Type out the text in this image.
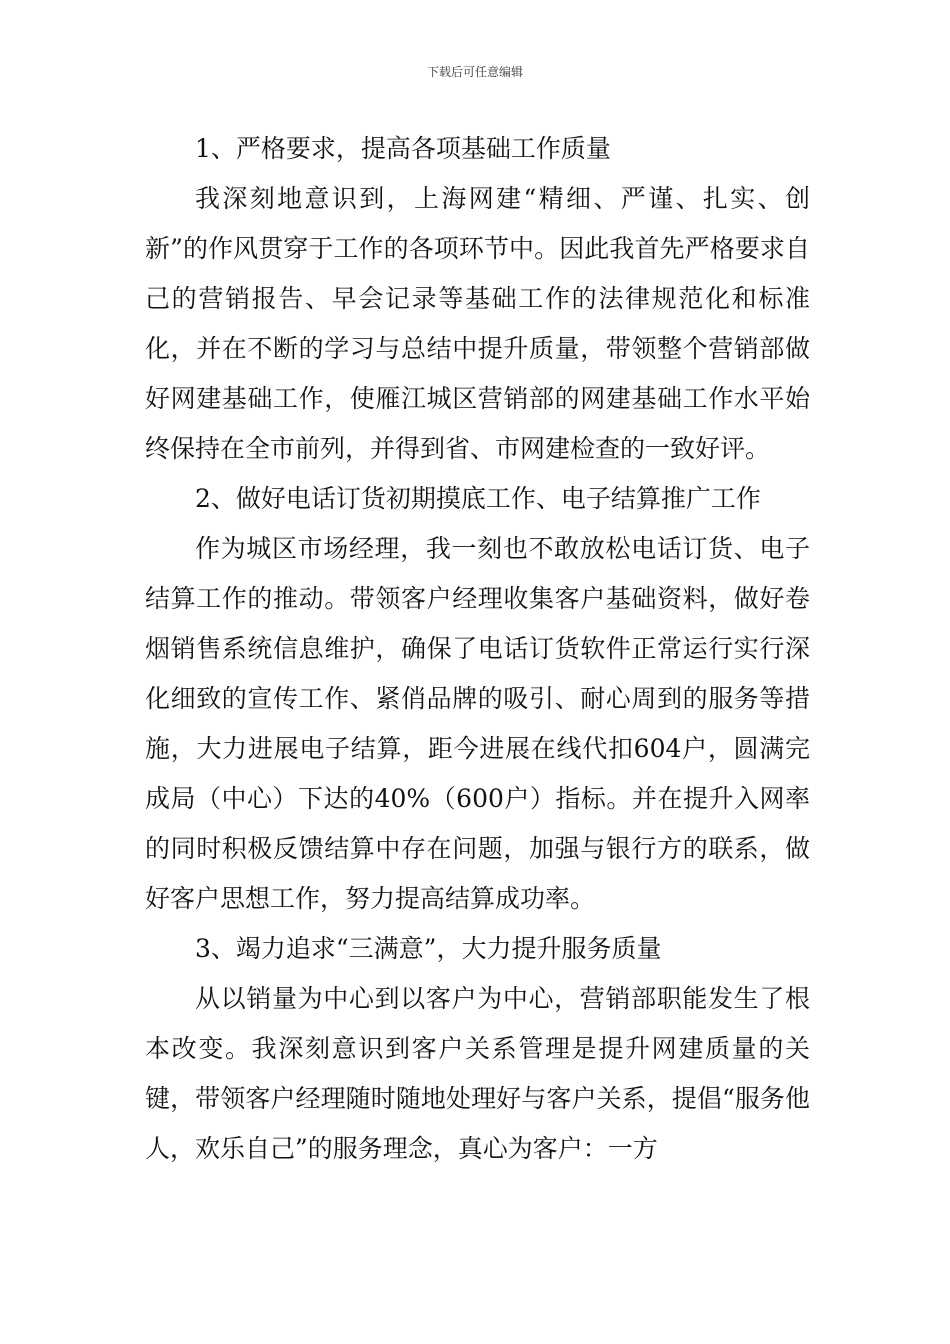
下载后可任意编辑

1、严格要求，提高各项基础工作质量

我深刻地意识到，上海网建“精细、严谨、扎实、创新”的作风贯穿于工作的各项环节中。因此我首先严格要求自己的营销报告、早会记录等基础工作的法律规范化和标准化，并在不断的学习与总结中提升质量，带领整个营销部做好网建基础工作，使雁江城区营销部的网建基础工作水平始终保持在全市前列，并得到省、市网建检查的一致好评。

2、做好电话订货初期摸底工作、电子结算推广工作

作为城区市场经理，我一刻也不敢放松电话订货、电子结算工作的推动。带领客户经理收集客户基础资料，做好卷烟销售系统信息维护，确保了电话订货软件正常运行实行深化细致的宣传工作、紧俏品牌的吸引、耐心周到的服务等措施，大力进展电子结算，距今进展在线代扣604户，圆满完成局（中心）下达的40%（600户）指标。并在提升入网率的同时积极反馈结算中存在问题，加强与银行方的联系，做好客户思想工作，努力提高结算成功率。

3、竭力追求“三满意”，大力提升服务质量

从以销量为中心到以客户为中心，营销部职能发生了根本改变。我深刻意识到客户关系管理是提升网建质量的关键，带领客户经理随时随地处理好与客户关系，提倡“服务他人，欢乐自己”的服务理念，真心为客户：一方
